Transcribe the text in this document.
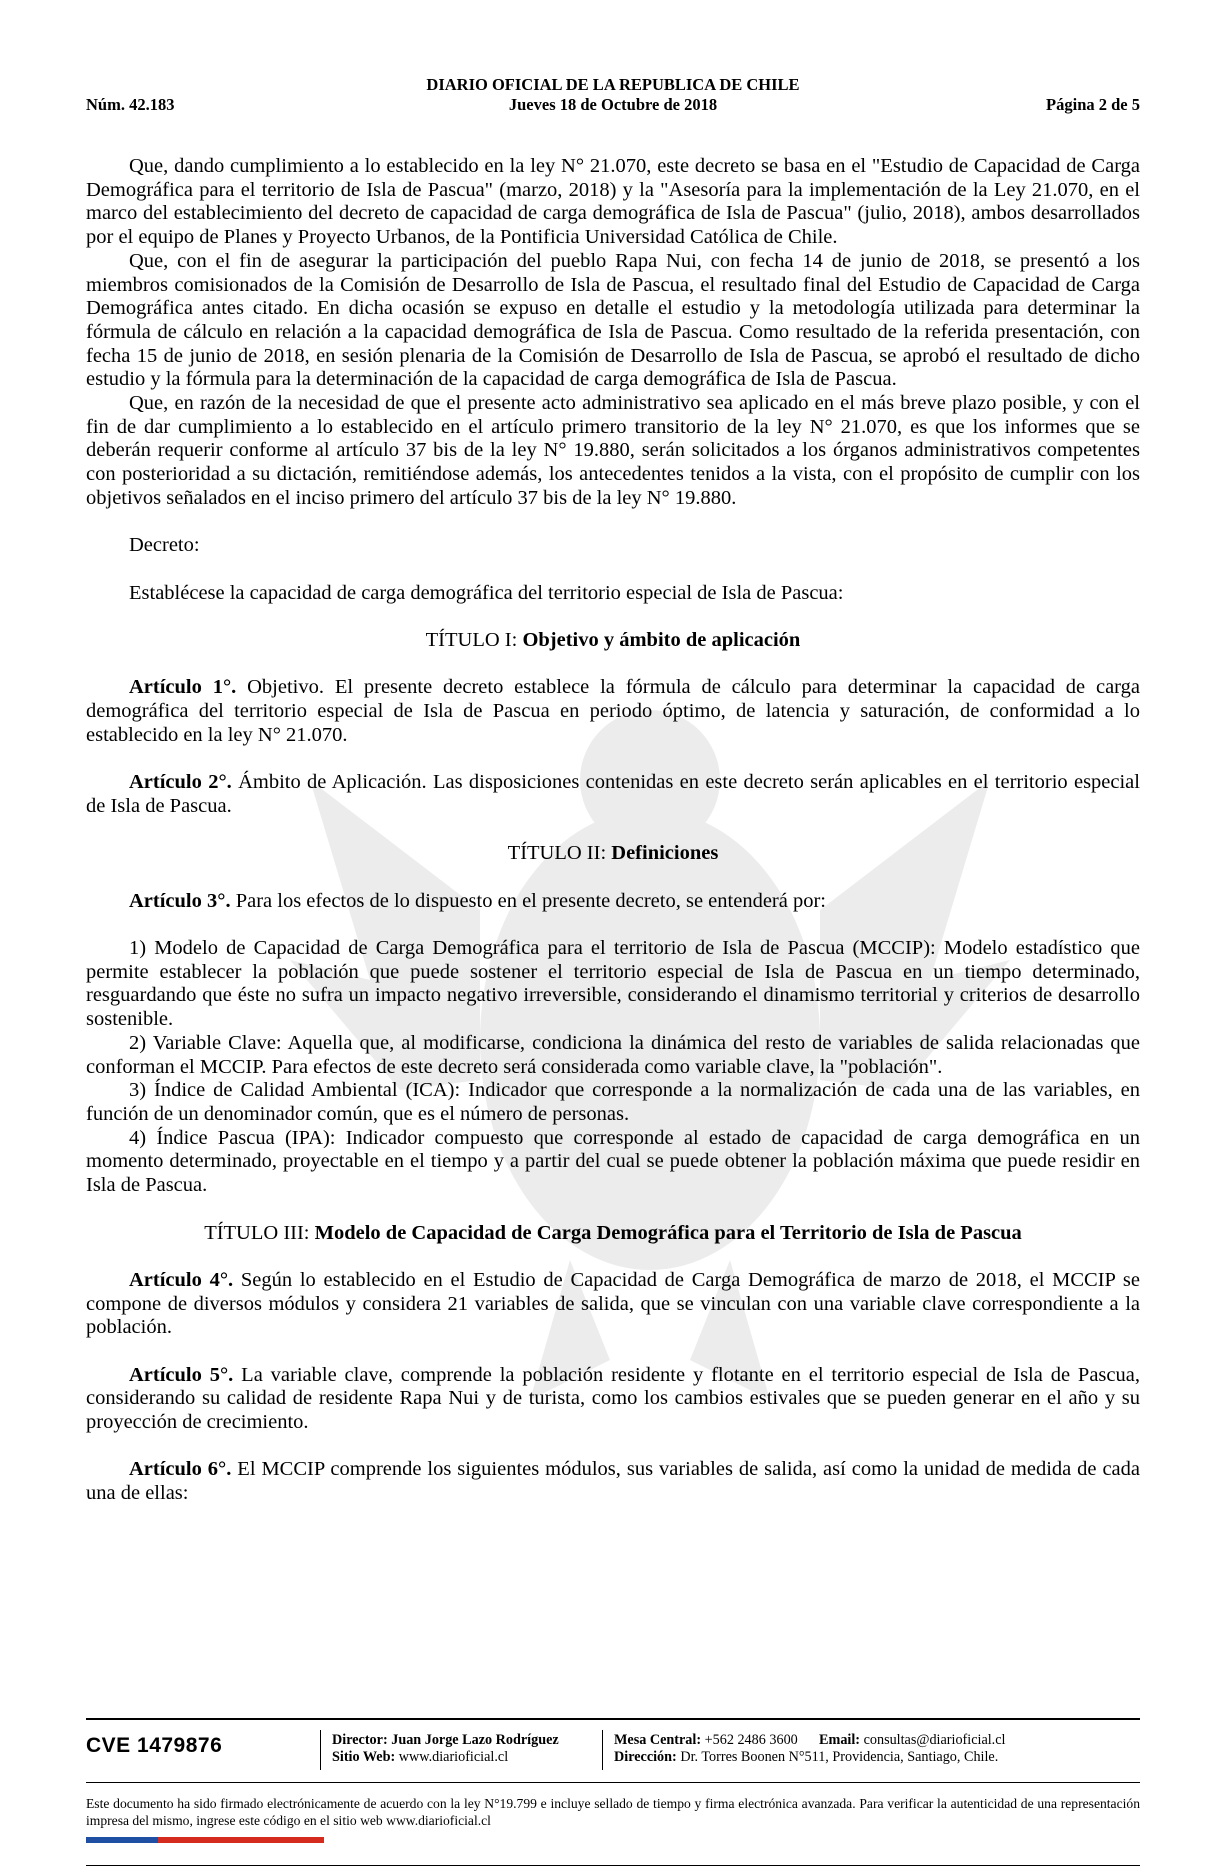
DIARIO OFICIAL DE LA REPUBLICA DE CHILE
Jueves 18 de Octubre de 2018
Núm. 42.183	Página 2 de 5

Que, dando cumplimiento a lo establecido en la ley N° 21.070, este decreto se basa en el "Estudio de Capacidad de Carga Demográfica para el territorio de Isla de Pascua" (marzo, 2018) y la "Asesoría para la implementación de la Ley 21.070, en el marco del establecimiento del decreto de capacidad de carga demográfica de Isla de Pascua" (julio, 2018), ambos desarrollados por el equipo de Planes y Proyecto Urbanos, de la Pontificia Universidad Católica de Chile.

Que, con el fin de asegurar la participación del pueblo Rapa Nui, con fecha 14 de junio de 2018, se presentó a los miembros comisionados de la Comisión de Desarrollo de Isla de Pascua, el resultado final del Estudio de Capacidad de Carga Demográfica antes citado. En dicha ocasión se expuso en detalle el estudio y la metodología utilizada para determinar la fórmula de cálculo en relación a la capacidad demográfica de Isla de Pascua. Como resultado de la referida presentación, con fecha 15 de junio de 2018, en sesión plenaria de la Comisión de Desarrollo de Isla de Pascua, se aprobó el resultado de dicho estudio y la fórmula para la determinación de la capacidad de carga demográfica de Isla de Pascua.

Que, en razón de la necesidad de que el presente acto administrativo sea aplicado en el más breve plazo posible, y con el fin de dar cumplimiento a lo establecido en el artículo primero transitorio de la ley N° 21.070, es que los informes que se deberán requerir conforme al artículo 37 bis de la ley N° 19.880, serán solicitados a los órganos administrativos competentes con posterioridad a su dictación, remitiéndose además, los antecedentes tenidos a la vista, con el propósito de cumplir con los objetivos señalados en el inciso primero del artículo 37 bis de la ley N° 19.880.

Decreto:

Establécese la capacidad de carga demográfica del territorio especial de Isla de Pascua:

TÍTULO I: Objetivo y ámbito de aplicación

Artículo 1°. Objetivo. El presente decreto establece la fórmula de cálculo para determinar la capacidad de carga demográfica del territorio especial de Isla de Pascua en periodo óptimo, de latencia y saturación, de conformidad a lo establecido en la ley N° 21.070.

Artículo 2°. Ámbito de Aplicación. Las disposiciones contenidas en este decreto serán aplicables en el territorio especial de Isla de Pascua.

TÍTULO II: Definiciones

Artículo 3°. Para los efectos de lo dispuesto en el presente decreto, se entenderá por:

1) Modelo de Capacidad de Carga Demográfica para el territorio de Isla de Pascua (MCCIP): Modelo estadístico que permite establecer la población que puede sostener el territorio especial de Isla de Pascua en un tiempo determinado, resguardando que éste no sufra un impacto negativo irreversible, considerando el dinamismo territorial y criterios de desarrollo sostenible.

2) Variable Clave: Aquella que, al modificarse, condiciona la dinámica del resto de variables de salida relacionadas que conforman el MCCIP. Para efectos de este decreto será considerada como variable clave, la "población".

3) Índice de Calidad Ambiental (ICA): Indicador que corresponde a la normalización de cada una de las variables, en función de un denominador común, que es el número de personas.

4) Índice Pascua (IPA): Indicador compuesto que corresponde al estado de capacidad de carga demográfica en un momento determinado, proyectable en el tiempo y a partir del cual se puede obtener la población máxima que puede residir en Isla de Pascua.

TÍTULO III: Modelo de Capacidad de Carga Demográfica para el Territorio de Isla de Pascua

Artículo 4°. Según lo establecido en el Estudio de Capacidad de Carga Demográfica de marzo de 2018, el MCCIP se compone de diversos módulos y considera 21 variables de salida, que se vinculan con una variable clave correspondiente a la población.

Artículo 5°. La variable clave, comprende la población residente y flotante en el territorio especial de Isla de Pascua, considerando su calidad de residente Rapa Nui y de turista, como los cambios estivales que se pueden generar en el año y su proyección de crecimiento.

Artículo 6°. El MCCIP comprende los siguientes módulos, sus variables de salida, así como la unidad de medida de cada una de ellas:

CVE 1479876	Director: Juan Jorge Lazo Rodríguez
Sitio Web: www.diarioficial.cl
Mesa Central: +562 2486 3600 Email: consultas@diarioficial.cl
Dirección: Dr. Torres Boonen N°511, Providencia, Santiago, Chile.
Este documento ha sido firmado electrónicamente de acuerdo con la ley N°19.799 e incluye sellado de tiempo y firma electrónica avanzada. Para verificar la autenticidad de una representación impresa del mismo, ingrese este código en el sitio web www.diarioficial.cl
